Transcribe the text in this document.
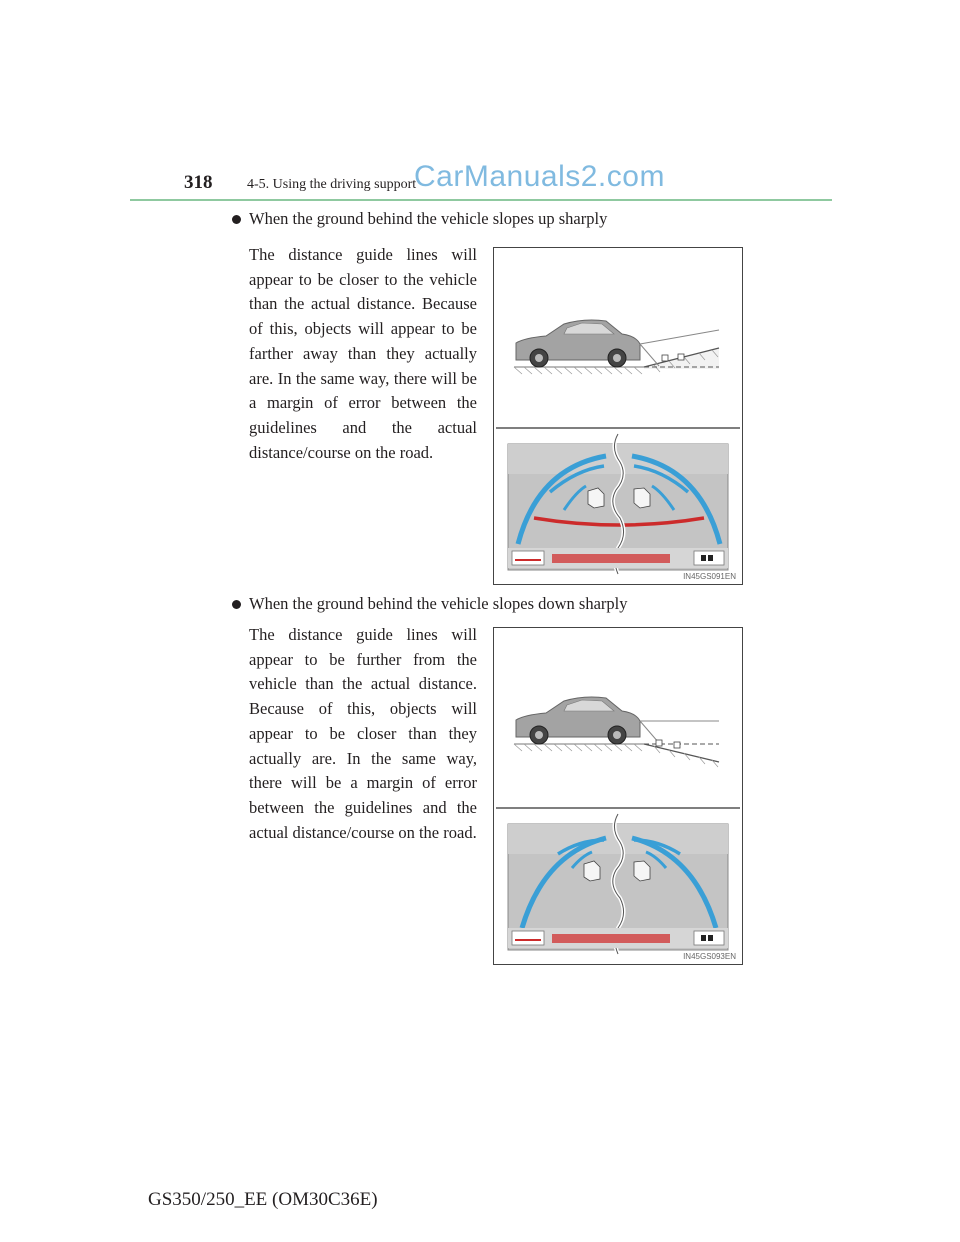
318 4-5. Using the driving support
CarManuals2.com
When the ground behind the vehicle slopes up sharply

The distance guide lines will appear to be closer to the vehicle than the actual distance. Because of this, objects will appear to be farther away than they actually are. In the same way, there will be a margin of error between the guidelines and the actual distance/course on the road.

IN45GS091EN
When the ground behind the vehicle slopes down sharply

The distance guide lines will appear to be further from the vehicle than the actual distance. Because of this, objects will appear to be closer than they actually are. In the same way, there will be a margin of error between the guidelines and the actual distance/course on the road.

IN45GS093EN
GS350/250_EE (OM30C36E)
